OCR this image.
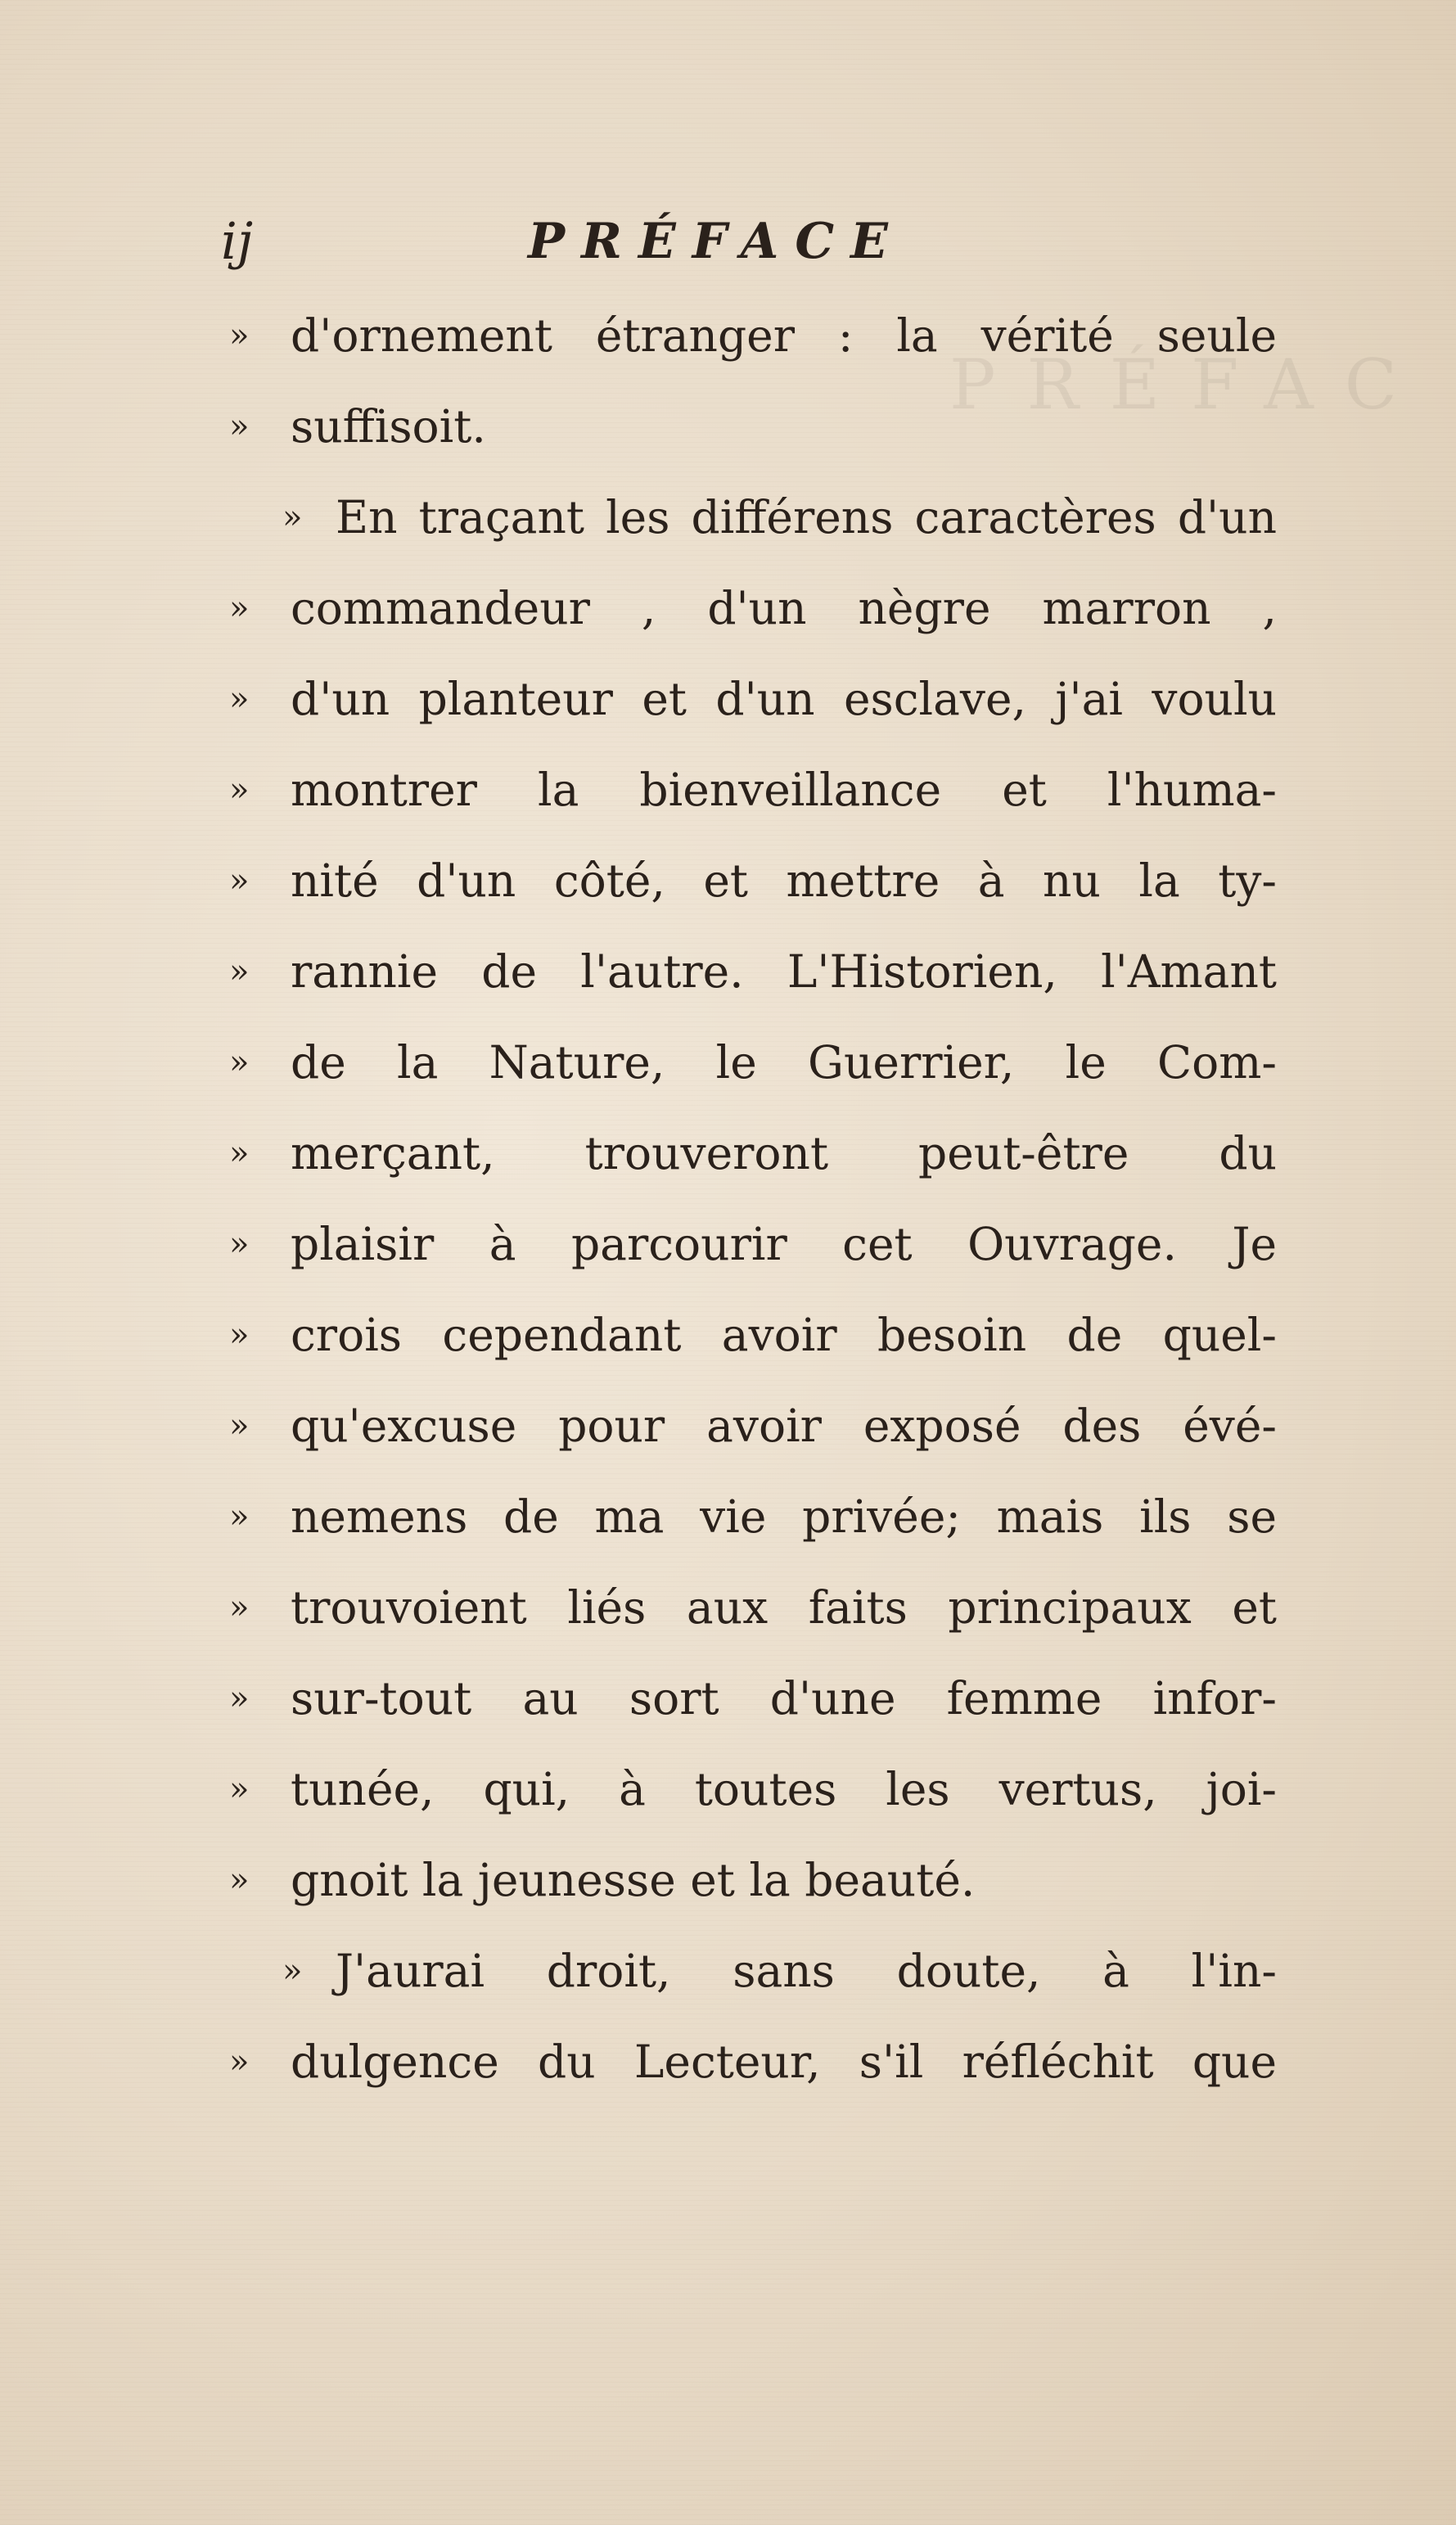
PRÉFAC
ij	PRÉFACE
» d'ornement étranger : la vérité seule
» suffisoit.
» En traçant les différens caractères d'un
» commandeur , d'un nègre marron ,
» d'un planteur et d'un esclave, j'ai voulu
» montrer la bienveillance et l'huma-
» nité d'un côté, et mettre à nu la ty-
» rannie de l'autre. L'Historien, l'Amant
» de la Nature, le Guerrier, le Com-
» merçant, trouveront peut-être du
» plaisir à parcourir cet Ouvrage. Je
» crois cependant avoir besoin de quel-
» qu'excuse pour avoir exposé des évé-
» nemens de ma vie privée; mais ils se
» trouvoient liés aux faits principaux et
» sur-tout au sort d'une femme infor-
» tunée, qui, à toutes les vertus, joi-
» gnoit la jeunesse et la beauté.
» J'aurai droit, sans doute, à l'in-
» dulgence du Lecteur, s'il réfléchit que
